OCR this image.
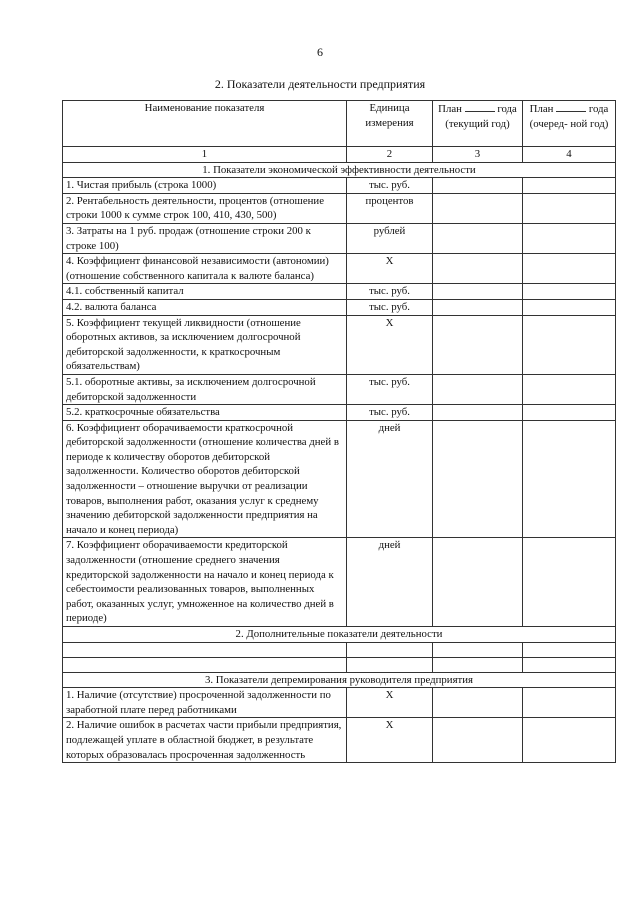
6
2. Показатели деятельности предприятия
Наименование показателя	Единица измерения	План года (текущий год)	План года (очеред- ной год)
1	2	3	4
1. Показатели экономической эффективности деятельности			
1. Чистая прибыль (строка 1000)	тыс. руб.		
2. Рентабельность деятельности, процентов (отношение строки 1000 к сумме строк 100, 410, 430, 500)	процентов		
3. Затраты на 1 руб. продаж (отношение строки 200 к строке 100)	рублей		
4. Коэффициент финансовой независимости (автономии) (отношение собственного капитала к валюте баланса)	X		
4.1. собственный капитал	тыс. руб.		
4.2. валюта баланса	тыс. руб.		
5. Коэффициент текущей ликвидности (отношение оборотных активов, за исключением долгосрочной дебиторской задолженности, к краткосрочным обязательствам)	X		
5.1. оборотные активы, за исключением долгосрочной дебиторской задолженности	тыс. руб.		
5.2. краткосрочные обязательства	тыс. руб.		
6. Коэффициент оборачиваемости краткосрочной дебиторской задолженности (отношение количества дней в периоде к количеству оборотов дебиторской задолженности. Количество оборотов дебиторской задолженности – отношение выручки от реализации товаров, выполнения работ, оказания услуг к среднему значению дебиторской задолженности предприятия на начало и конец периода)	дней		
7. Коэффициент оборачиваемости кредиторской задолженности (отношение среднего значения кредиторской задолженности на начало и конец периода к себестоимости реализованных товаров, выполненных работ, оказанных услуг, умноженное на количество дней в периоде)	дней		
2. Дополнительные показатели деятельности			

3. Показатели депремирования руководителя предприятия			
1. Наличие (отсутствие) просроченной задолженности по заработной плате перед работниками	X		
2. Наличие ошибок в расчетах части прибыли предприятия, подлежащей уплате в областной бюджет, в результате которых образовалась просроченная задолженность	X		
